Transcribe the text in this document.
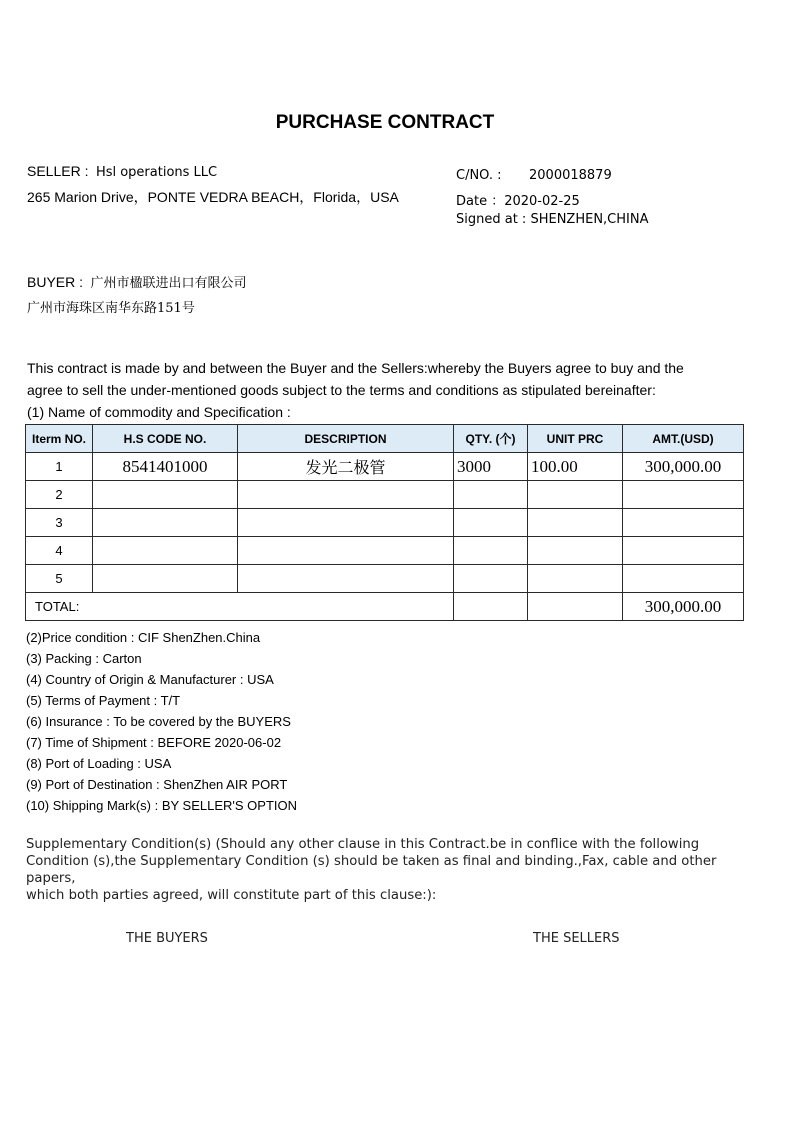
PURCHASE CONTRACT
SELLER : Hsl operations LLC
265 Marion Drive，PONTE VEDRA BEACH，Florida，USA
C/NO. : 2000018879
Date ：2020-02-25
Signed at : SHENZHEN,CHINA
BUYER : 广州市楹联进出口有限公司
广州市海珠区南华东路151号
This contract is made by and between the Buyer and the Sellers:whereby the Buyers agree to buy and the
agree to sell the under-mentioned goods subject to the terms and conditions as stipulated bereinafter:
(1) Name of commodity and Specification :
Iterm NO.	H.S CODE NO.	DESCRIPTION	QTY. (个)	UNIT PRC	AMT.(USD)
1	8541401000	发光二极管	3000	100.00	300,000.00
2					
3					
4					
5					
TOTAL:					300,000.00
(2)Price condition : CIF ShenZhen.China
(3) Packing : Carton
(4) Country of Origin & Manufacturer : USA
(5) Terms of Payment : T/T
(6) Insurance : To be covered by the BUYERS
(7) Time of Shipment : BEFORE 2020-06-02
(8) Port of Loading : USA
(9) Port of Destination : ShenZhen AIR PORT
(10) Shipping Mark(s) : BY SELLER'S OPTION
Supplementary Condition(s) (Should any other clause in this Contract.be in conflice with the following
Condition (s),the Supplementary Condition (s) should be taken as final and binding.,Fax, cable and other papers,
which both parties agreed, will constitute part of this clause:):
THE BUYERS	THE SELLERS
